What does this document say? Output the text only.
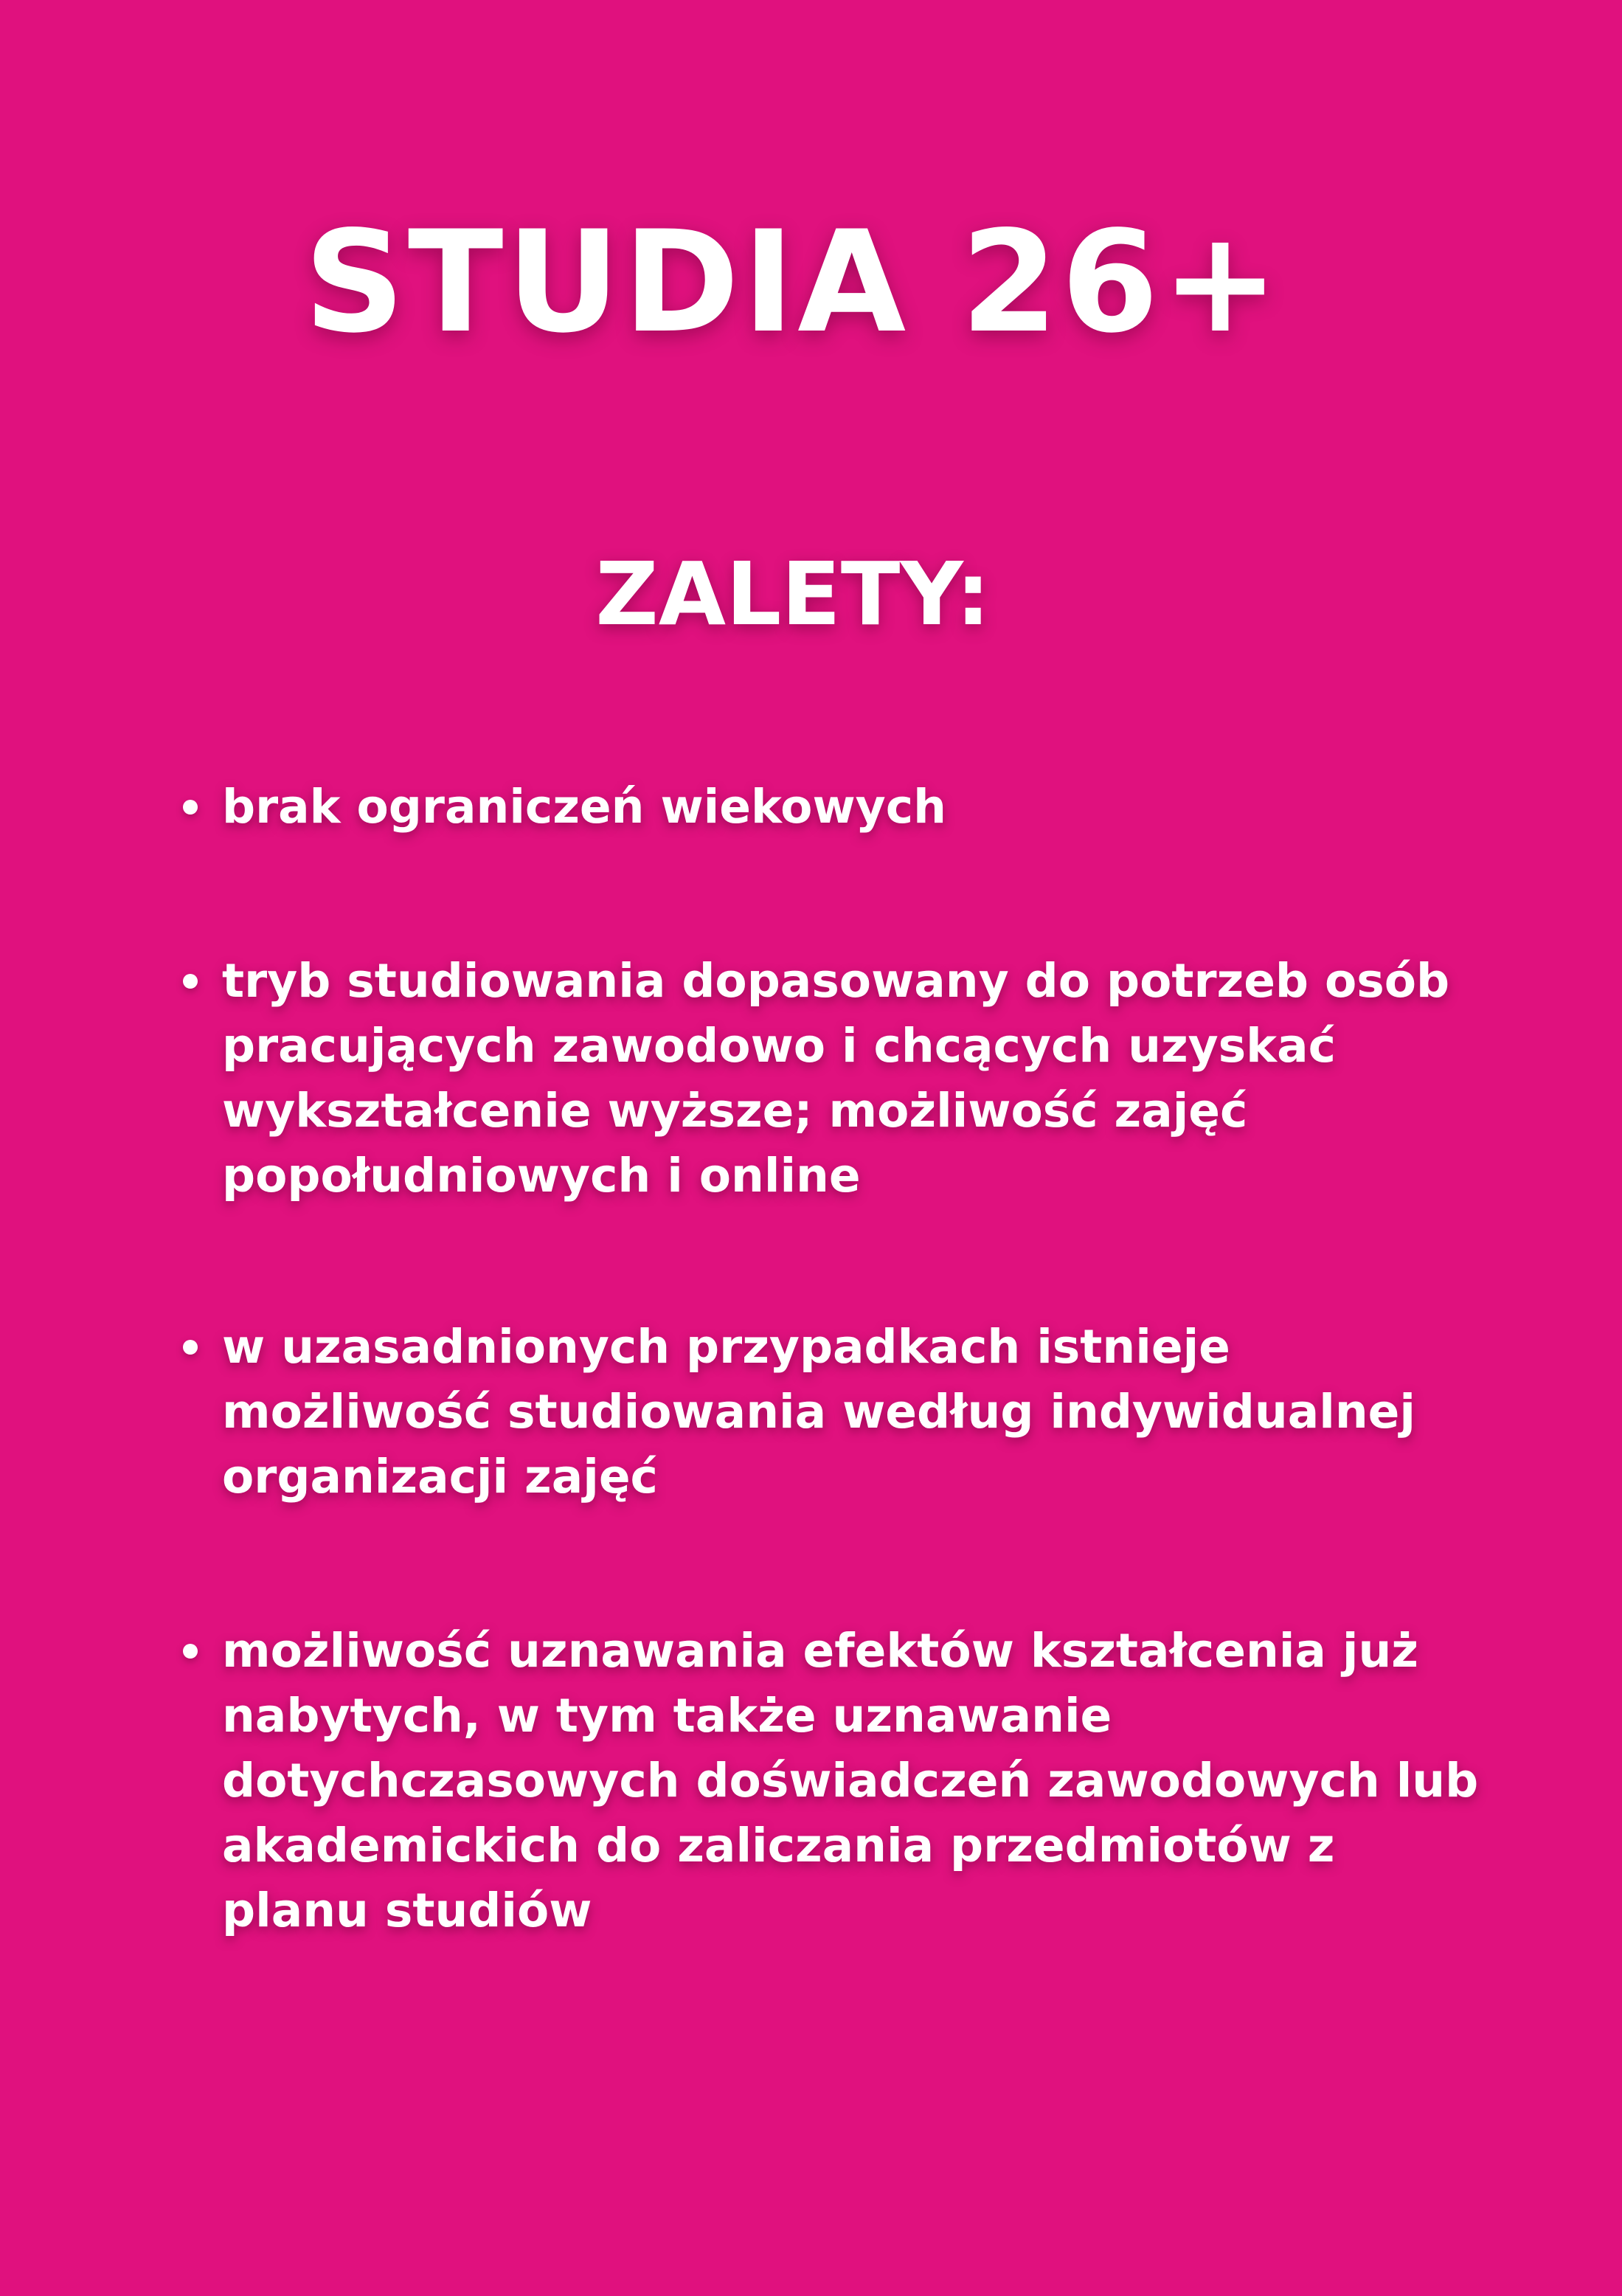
STUDIA 26+
ZALETY:
brak ograniczeń wiekowych
tryb studiowania dopasowany do potrzeb osób
pracujących zawodowo i chcących uzyskać
wykształcenie wyższe; możliwość zajęć
popołudniowych i online
w uzasadnionych przypadkach istnieje
możliwość studiowania według indywidualnej
organizacji zajęć
możliwość uznawania efektów kształcenia już
nabytych, w tym także uznawanie
dotychczasowych doświadczeń zawodowych lub
akademickich do zaliczania przedmiotów z
planu studiów
